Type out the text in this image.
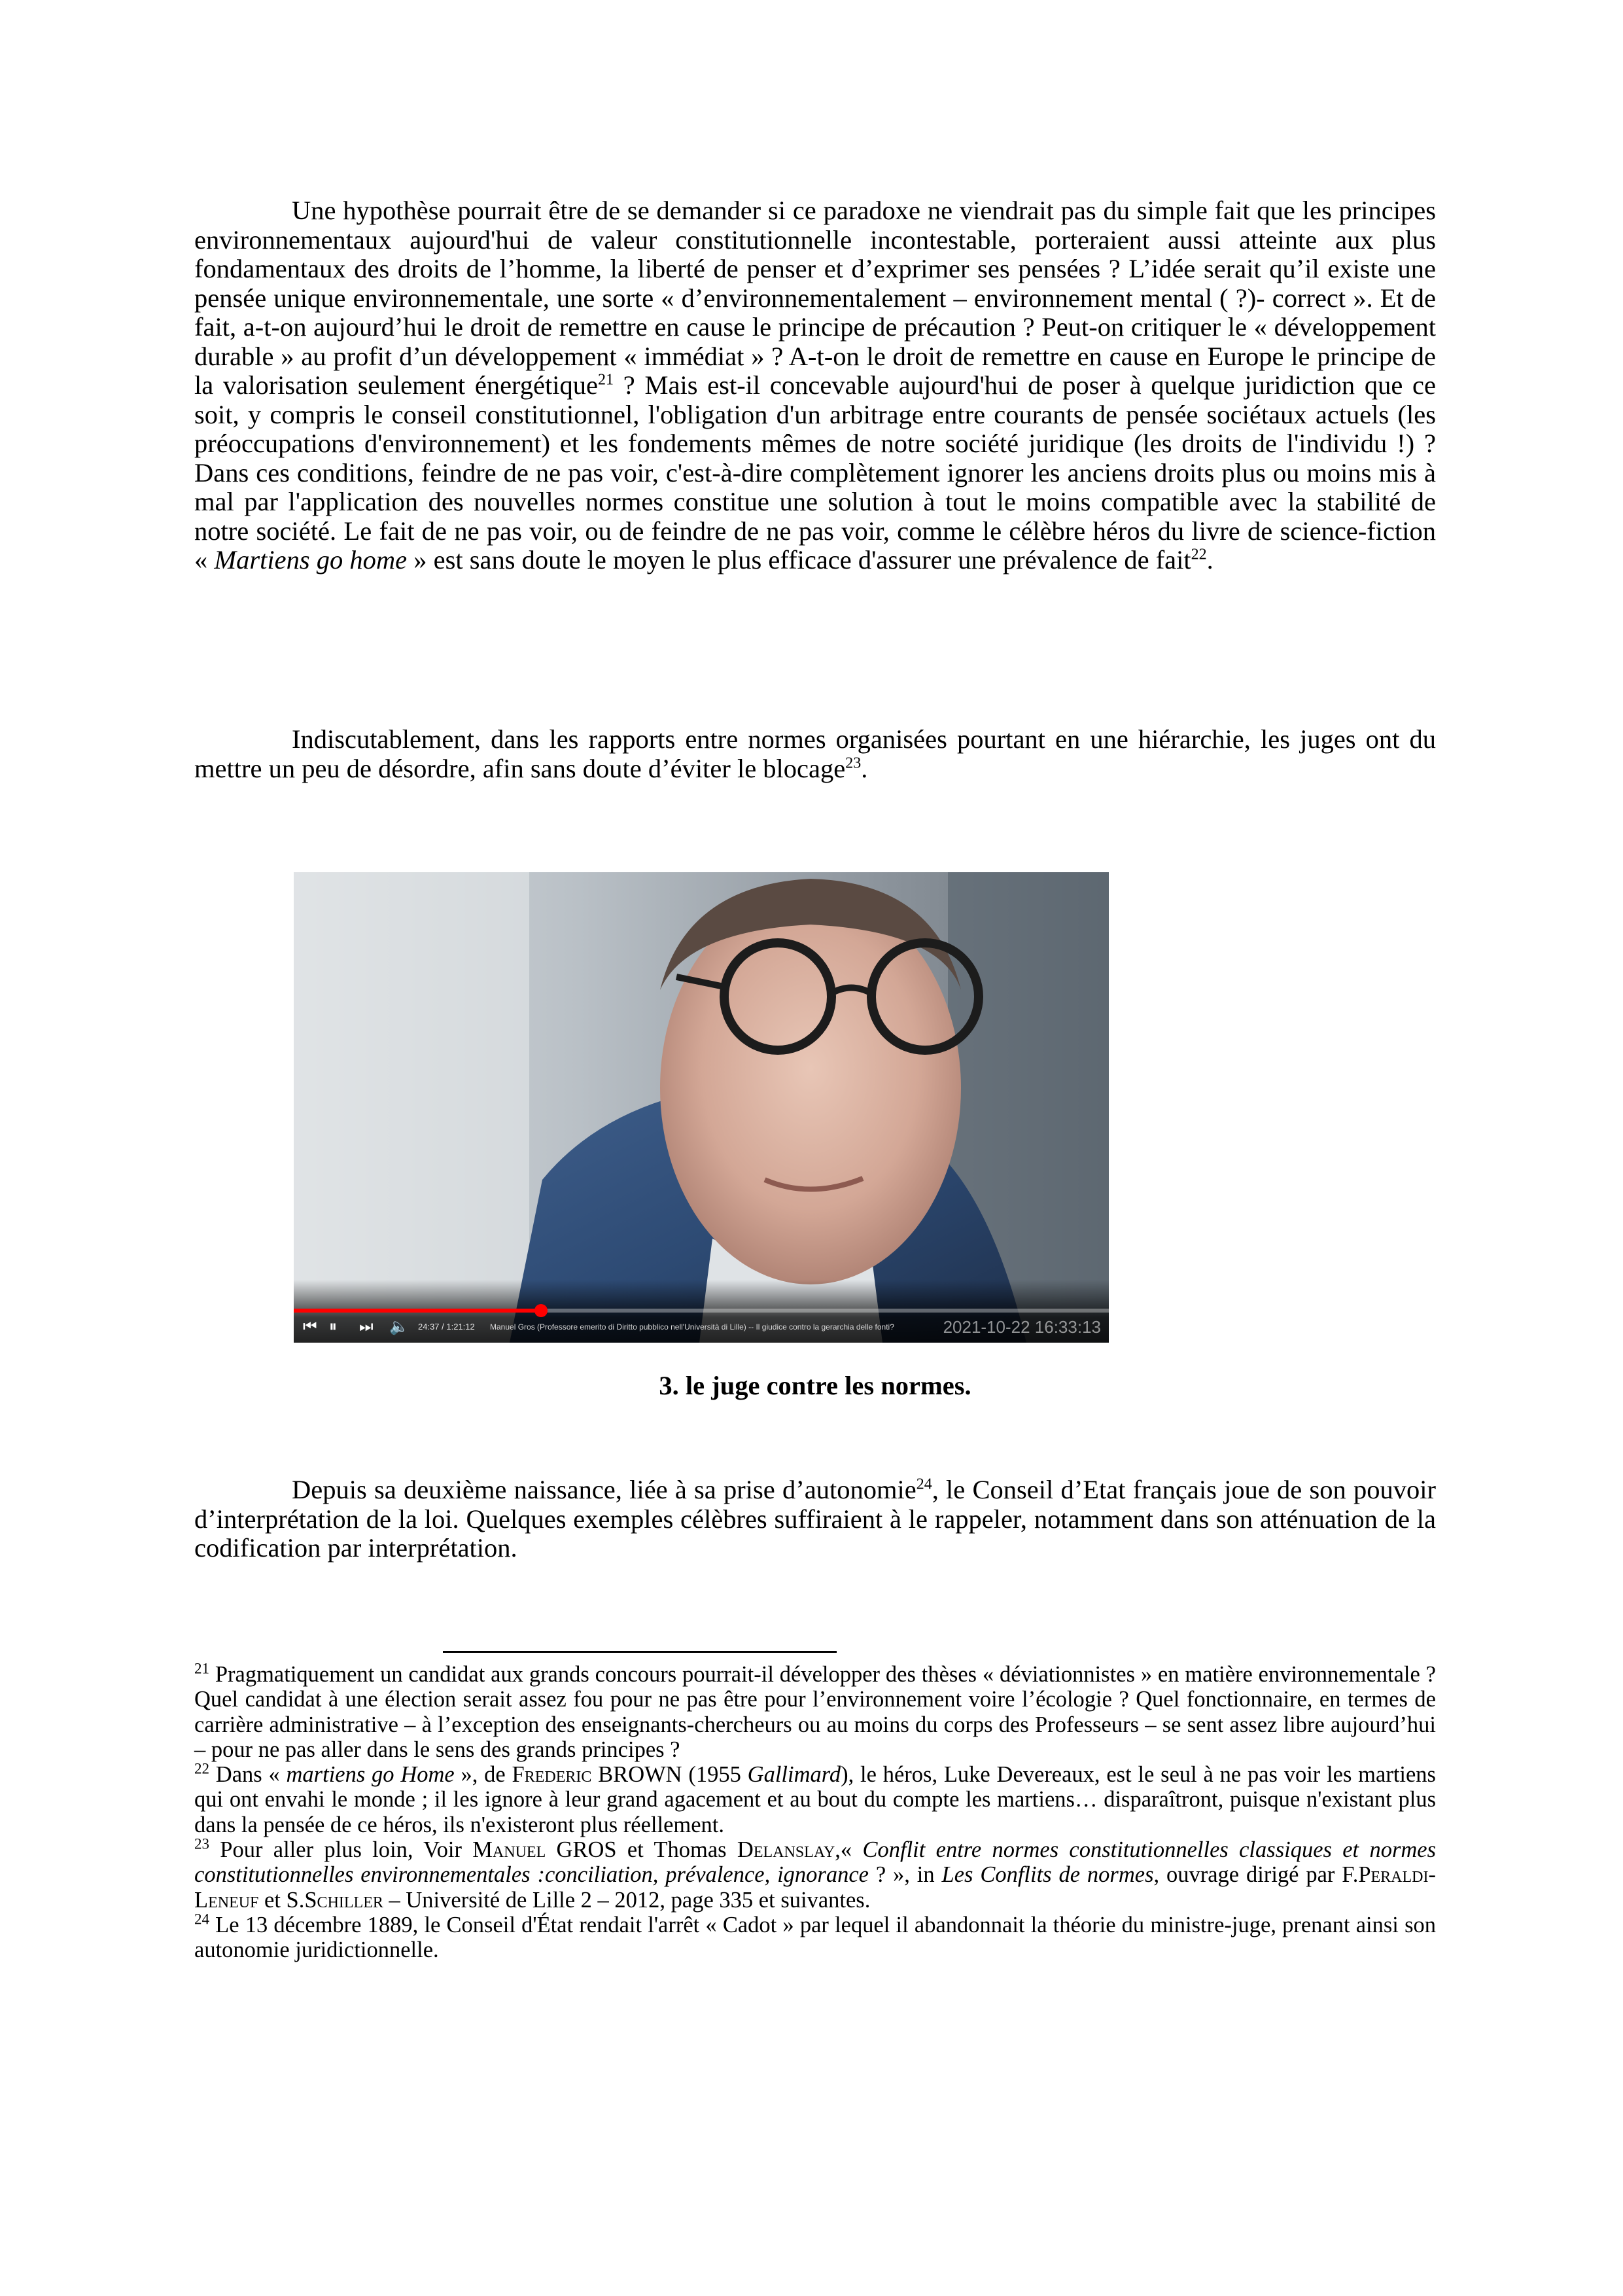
Une hypothèse pourrait être de se demander si ce paradoxe ne viendrait pas du simple fait que les principes environnementaux aujourd'hui de valeur constitutionnelle incontestable, porteraient aussi atteinte aux plus fondamentaux des droits de l’homme, la liberté de penser et d’exprimer ses pensées ? L’idée serait qu’il existe une pensée unique environnementale, une sorte « d’environnementalement – environnement mental ( ?)- correct ». Et de fait, a-t-on aujourd’hui le droit de remettre en cause le principe de précaution ? Peut-on critiquer le « développement durable » au profit d’un développement « immédiat » ? A-t-on le droit de remettre en cause en Europe le principe de la valorisation seulement énergétique$^{21}$ ? Mais est-il concevable aujourd'hui de poser à quelque juridiction que ce soit, y compris le conseil constitutionnel, l'obligation d'un arbitrage entre courants de pensée sociétaux actuels (les préoccupations d'environnement) et les fondements mêmes de notre société juridique (les droits de l'individu !) ? Dans ces conditions, feindre de ne pas voir, c'est-à-dire complètement ignorer les anciens droits plus ou moins mis à mal par l'application des nouvelles normes constitue une solution à tout le moins compatible avec la stabilité de notre société. Le fait de ne pas voir, ou de feindre de ne pas voir, comme le célèbre héros du livre de science-fiction « Martiens go home » est sans doute le moyen le plus efficace d'assurer une prévalence de fait$^{22}$.

Indiscutablement, dans les rapports entre normes organisées pourtant en une hiérarchie, les juges ont du mettre un peu de désordre, afin sans doute d’éviter le blocage$^{23}$.

⏮ ⏸ ⏭ 🔈 24:37 / 1:21:12 Manuel Gros (Professore emerito di Diritto pubblico nell'Università di Lille) -- Il giudice contro la gerarchia delle fonti?	2021-10-22 16:33:13
3. le juge contre les normes.

Depuis sa deuxième naissance, liée à sa prise d’autonomie$^{24}$, le Conseil d’Etat français joue de son pouvoir d’interprétation de la loi. Quelques exemples célèbres suffiraient à le rappeler, notamment dans son atténuation de la codification par interprétation.

$^{21}$ Pragmatiquement un candidat aux grands concours pourrait-il développer des thèses « déviationnistes » en matière environnementale ? Quel candidat à une élection serait assez fou pour ne pas être pour l’environnement voire l’écologie ? Quel fonctionnaire, en termes de carrière administrative – à l’exception des enseignants-chercheurs ou au moins du corps des Professeurs – se sent assez libre aujourd’hui – pour ne pas aller dans le sens des grands principes ?

$^{22}$ Dans « martiens go Home », de Frederic BROWN (1955 Gallimard), le héros, Luke Devereaux, est le seul à ne pas voir les martiens qui ont envahi le monde ; il les ignore à leur grand agacement et au bout du compte les martiens… disparaîtront, puisque n'existant plus dans la pensée de ce héros, ils n'existeront plus réellement.

$^{23}$ Pour aller plus loin, Voir Manuel GROS et Thomas Delanslay,« Conflit entre normes constitutionnelles classiques et normes constitutionnelles environnementales :conciliation, prévalence, ignorance ? », in Les Conflits de normes, ouvrage dirigé par F.Peraldi-Leneuf et S.Schiller – Université de Lille 2 – 2012, page 335 et suivantes.

$^{24}$ Le 13 décembre 1889, le Conseil d'État rendait l'arrêt « Cadot » par lequel il abandonnait la théorie du ministre-juge, prenant ainsi son autonomie juridictionnelle.
